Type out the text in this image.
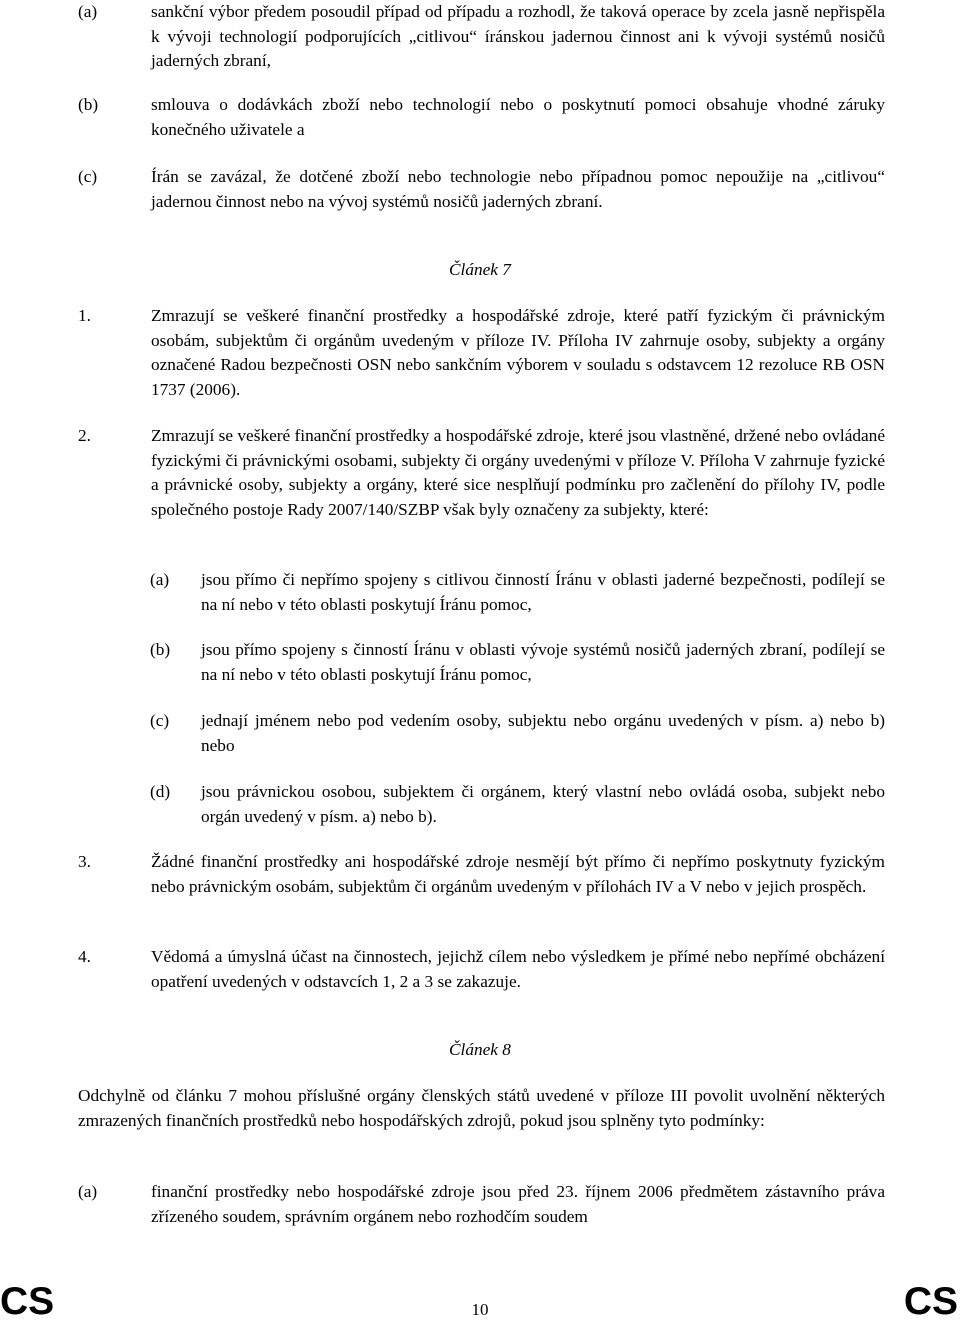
(a)	sankční výbor předem posoudil případ od případu a rozhodl, že taková operace by zcela jasně nepřispěla k vývoji technologií podporujících „citlivou“ íránskou jadernou činnost ani k vývoji systémů nosičů jaderných zbraní,
(b)	smlouva o dodávkách zboží nebo technologií nebo o poskytnutí pomoci obsahuje vhodné záruky konečného uživatele a
(c)	Írán se zavázal, že dotčené zboží nebo technologie nebo případnou pomoc nepoužije na „citlivou“ jadernou činnost nebo na vývoj systémů nosičů jaderných zbraní.
Článek 7
1.	Zmrazují se veškeré finanční prostředky a hospodářské zdroje, které patří fyzickým či právnickým osobám, subjektům či orgánům uvedeným v příloze IV. Příloha IV zahrnuje osoby, subjekty a orgány označené Radou bezpečnosti OSN nebo sankčním výborem v souladu s odstavcem 12 rezoluce RB OSN 1737 (2006).
2.	Zmrazují se veškeré finanční prostředky a hospodářské zdroje, které jsou vlastněné, držené nebo ovládané fyzickými či právnickými osobami, subjekty či orgány uvedenými v příloze V. Příloha V zahrnuje fyzické a právnické osoby, subjekty a orgány, které sice nesplňují podmínku pro začlenění do přílohy IV, podle společného postoje Rady 2007/140/SZBP však byly označeny za subjekty, které:
(a) jsou přímo či nepřímo spojeny s citlivou činností Íránu v oblasti jaderné bezpečnosti, podílejí se na ní nebo v této oblasti poskytují Íránu pomoc,
(b) jsou přímo spojeny s činností Íránu v oblasti vývoje systémů nosičů jaderných zbraní, podílejí se na ní nebo v této oblasti poskytují Íránu pomoc,
(c) jednají jménem nebo pod vedením osoby, subjektu nebo orgánu uvedených v písm. a) nebo b) nebo
(d) jsou právnickou osobou, subjektem či orgánem, který vlastní nebo ovládá osoba, subjekt nebo orgán uvedený v písm. a) nebo b).
3.	Žádné finanční prostředky ani hospodářské zdroje nesmějí být přímo či nepřímo poskytnuty fyzickým nebo právnickým osobám, subjektům či orgánům uvedeným v přílohách IV a V nebo v jejich prospěch.
4.	Vědomá a úmyslná účast na činnostech, jejichž cílem nebo výsledkem je přímé nebo nepřímé obcházení opatření uvedených v odstavcích 1, 2 a 3 se zakazuje.
Článek 8
Odchylně od článku 7 mohou příslušné orgány členských států uvedené v příloze III povolit uvolnění některých zmrazených finančních prostředků nebo hospodářských zdrojů, pokud jsou splněny tyto podmínky:
(a)	finanční prostředky nebo hospodářské zdroje jsou před 23. říjnem 2006 předmětem zástavního práva zřízeného soudem, správním orgánem nebo rozhodčím soudem
CS	10	CS
